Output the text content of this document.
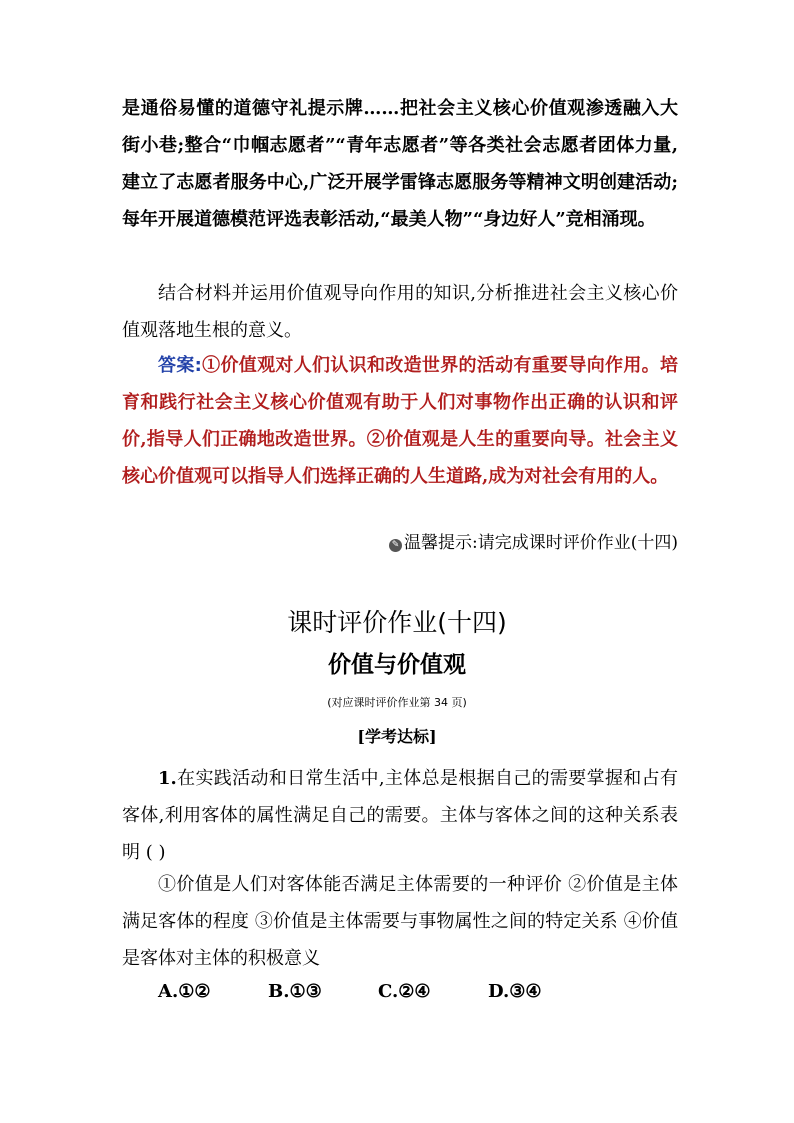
是通俗易懂的道德守礼提示牌……把社会主义核心价值观渗透融入大街小巷;整合“巾帼志愿者”“青年志愿者”等各类社会志愿者团体力量,建立了志愿者服务中心,广泛开展学雷锋志愿服务等精神文明创建活动;每年开展道德模范评选表彰活动,“最美人物”“身边好人”竞相涌现。
结合材料并运用价值观导向作用的知识,分析推进社会主义核心价值观落地生根的意义。
答案:①价值观对人们认识和改造世界的活动有重要导向作用。培育和践行社会主义核心价值观有助于人们对事物作出正确的认识和评价,指导人们正确地改造世界。②价值观是人生的重要向导。社会主义核心价值观可以指导人们选择正确的人生道路,成为对社会有用的人。
✎ 温馨提示:请完成课时评价作业(十四)
课时评价作业(十四)
价值与价值观
(对应课时评价作业第 34 页)
[学考达标]
1.在实践活动和日常生活中,主体总是根据自己的需要掌握和占有客体,利用客体的属性满足自己的需要。主体与客体之间的这种关系表明 ( )
①价值是人们对客体能否满足主体需要的一种评价 ②价值是主体满足客体的程度 ③价值是主体需要与事物属性之间的特定关系 ④价值是客体对主体的积极意义
A.①②	B.①③	C.②④	D.③④
